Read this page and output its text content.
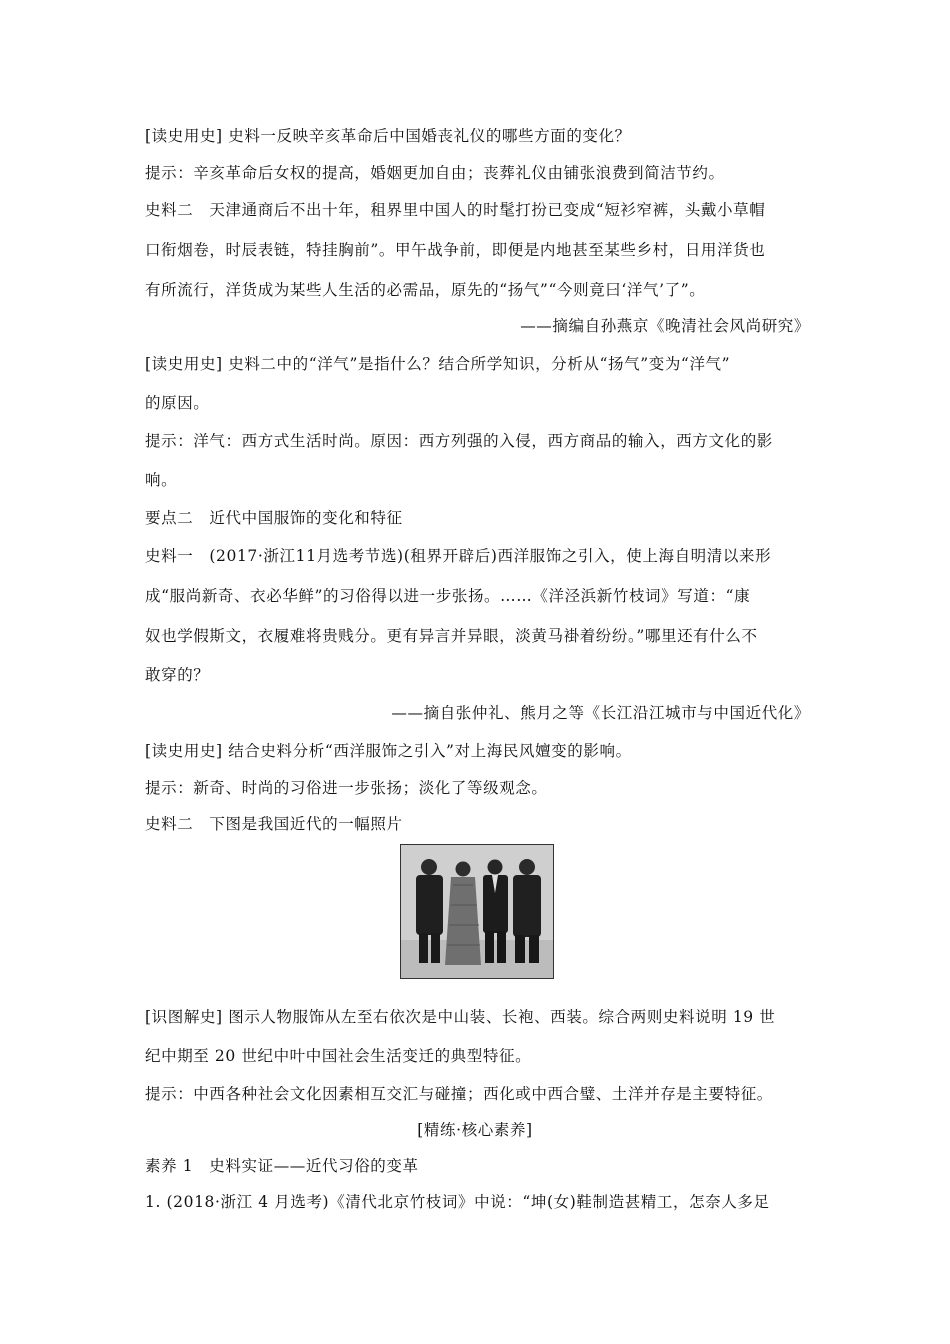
[读史用史] 史料一反映辛亥革命后中国婚丧礼仪的哪些方面的变化？
提示：辛亥革命后女权的提高，婚姻更加自由；丧葬礼仪由铺张浪费到简洁节约。
史料二　天津通商后不出十年，租界里中国人的时髦打扮已变成“短衫窄裤，头戴小草帽
口衔烟卷，时辰表链，特挂胸前”。甲午战争前，即便是内地甚至某些乡村，日用洋货也
有所流行，洋货成为某些人生活的必需品，原先的“扬气”“今则竟曰‘洋气’了”。
——摘编自孙燕京《晚清社会风尚研究》
[读史用史] 史料二中的“洋气”是指什么？结合所学知识，分析从“扬气”变为“洋气”
的原因。
提示：洋气：西方式生活时尚。原因：西方列强的入侵，西方商品的输入，西方文化的影
响。
要点二　近代中国服饰的变化和特征
史料一　(2017·浙江11月选考节选)(租界开辟后)西洋服饰之引入，使上海自明清以来形
成“服尚新奇、衣必华鲜”的习俗得以进一步张扬。……《洋泾浜新竹枝词》写道：“康
奴也学假斯文，衣履难将贵贱分。更有异言并异眼，淡黄马褂着纷纷。”哪里还有什么不
敢穿的？
——摘自张仲礼、熊月之等《长江沿江城市与中国近代化》
[读史用史] 结合史料分析“西洋服饰之引入”对上海民风嬗变的影响。
提示：新奇、时尚的习俗进一步张扬；淡化了等级观念。
史料二　下图是我国近代的一幅照片
[识图解史] 图示人物服饰从左至右依次是中山装、长袍、西装。综合两则史料说明 19 世
纪中期至 20 世纪中叶中国社会生活变迁的典型特征。
提示：中西各种社会文化因素相互交汇与碰撞；西化或中西合璧、土洋并存是主要特征。
[精练·核心素养]
素养 1　史料实证——近代习俗的变革
1. (2018·浙江 4 月选考)《清代北京竹枝词》中说：“坤(女)鞋制造甚精工，怎奈人多足
